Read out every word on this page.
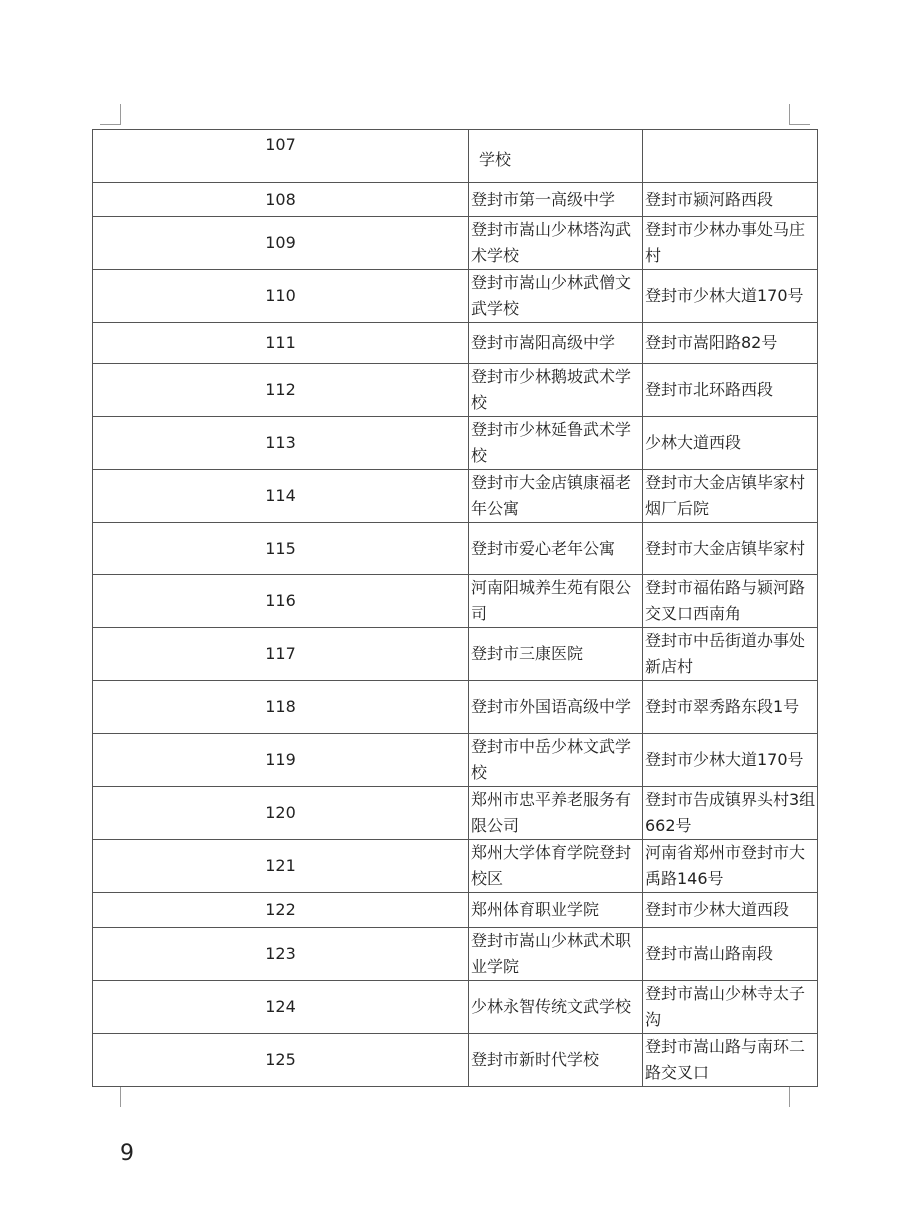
107	学校	
108	登封市第一高级中学	登封市颍河路西段
109	登封市嵩山少林塔沟武术学校	登封市少林办事处马庄村
110	登封市嵩山少林武僧文武学校	登封市少林大道170号
111	登封市嵩阳高级中学	登封市嵩阳路82号
112	登封市少林鹅坡武术学校	登封市北环路西段
113	登封市少林延鲁武术学校	少林大道西段
114	登封市大金店镇康福老年公寓	登封市大金店镇毕家村烟厂后院
115	登封市爱心老年公寓	登封市大金店镇毕家村
116	河南阳城养生苑有限公司	登封市福佑路与颍河路交叉口西南角
117	登封市三康医院	登封市中岳街道办事处新店村
118	登封市外国语高级中学	登封市翠秀路东段1号
119	登封市中岳少林文武学校	登封市少林大道170号
120	郑州市忠平养老服务有限公司	登封市告成镇界头村3组662号
121	郑州大学体育学院登封校区	河南省郑州市登封市大禹路146号
122	郑州体育职业学院	登封市少林大道西段
123	登封市嵩山少林武术职业学院	登封市嵩山路南段
124	少林永智传统文武学校	登封市嵩山少林寺太子沟
125	登封市新时代学校	登封市嵩山路与南环二路交叉口
9
